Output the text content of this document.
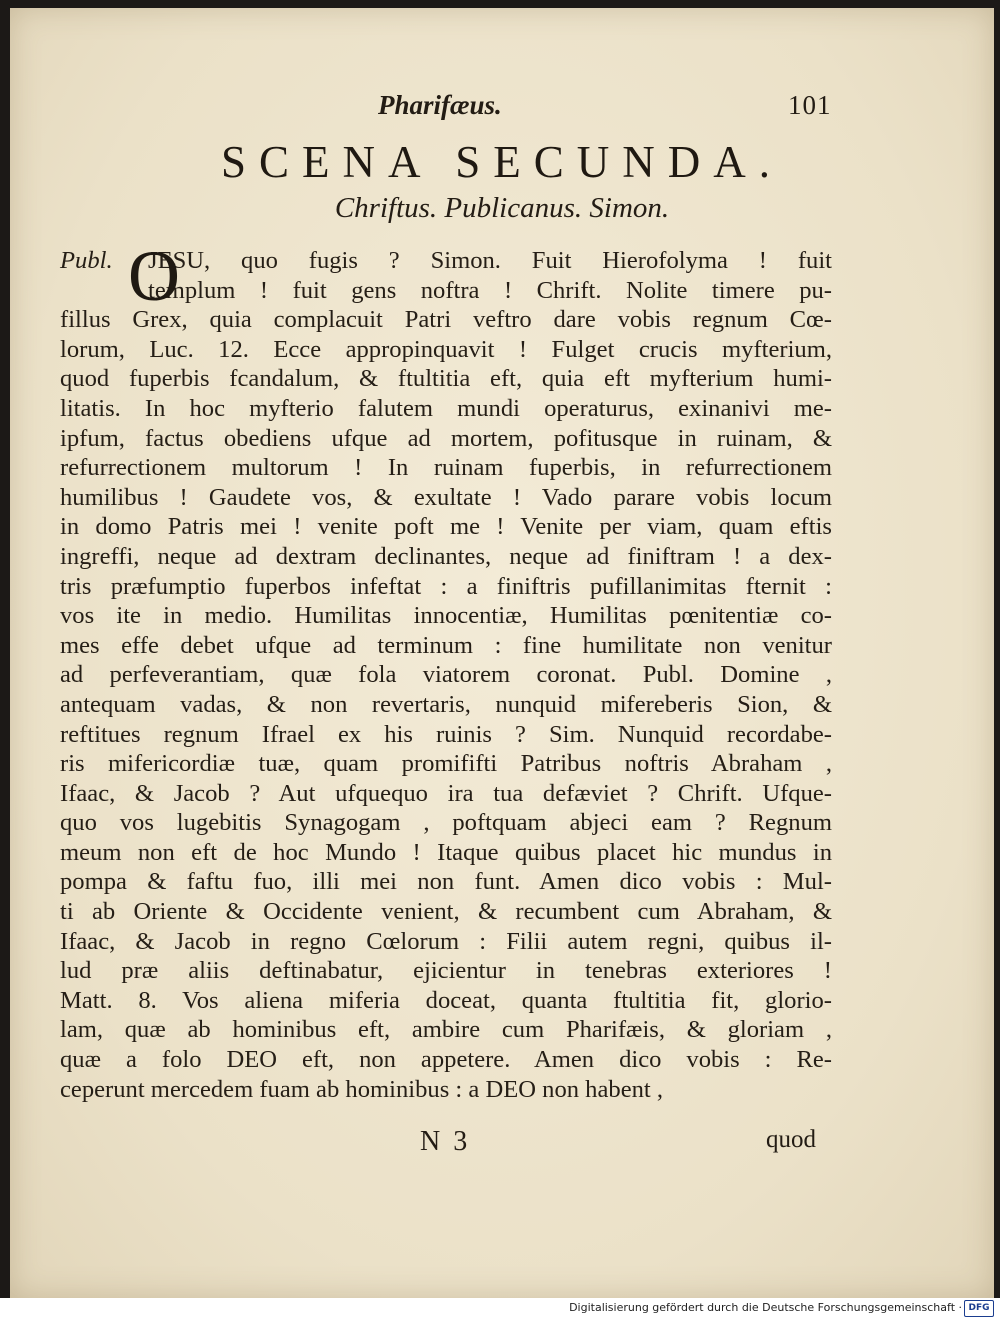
Pharifæus.	101
SCENA SECUNDA.
Chriftus. Publicanus. Simon.
O
Publ. JESU, quo fugis ? Simon. Fuit Hierofolyma ! fuit
templum ! fuit gens noftra ! Chrift. Nolite timere pu-
fillus Grex, quia complacuit Patri veftro dare vobis regnum Cœ-
lorum, Luc. 12. Ecce appropinquavit ! Fulget crucis myfterium,
quod fuperbis fcandalum, & ftultitia eft, quia eft myfterium humi-
litatis. In hoc myfterio falutem mundi operaturus, exinanivi me-
ipfum, factus obediens ufque ad mortem, pofitusque in ruinam, &
refurrectionem multorum ! In ruinam fuperbis, in refurrectionem
humilibus ! Gaudete vos, & exultate ! Vado parare vobis locum
in domo Patris mei ! venite poft me ! Venite per viam, quam eftis
ingreffi, neque ad dextram declinantes, neque ad finiftram ! a dex-
tris præfumptio fuperbos infeftat : a finiftris pufillanimitas fternit :
vos ite in medio. Humilitas innocentiæ, Humilitas pœnitentiæ co-
mes effe debet ufque ad terminum : fine humilitate non venitur
ad perfeverantiam, quæ fola viatorem coronat. Publ. Domine ,
antequam vadas, & non revertaris, nunquid mifereberis Sion, &
reftitues regnum Ifrael ex his ruinis ? Sim. Nunquid recordabe-
ris mifericordiæ tuæ, quam promififti Patribus noftris Abraham ,
Ifaac, & Jacob ? Aut ufquequo ira tua defæviet ? Chrift. Ufque-
quo vos lugebitis Synagogam , poftquam abjeci eam ? Regnum
meum non eft de hoc Mundo ! Itaque quibus placet hic mundus in
pompa & faftu fuo, illi mei non funt. Amen dico vobis : Mul-
ti ab Oriente & Occidente venient, & recumbent cum Abraham, &
Ifaac, & Jacob in regno Cœlorum : Filii autem regni, quibus il-
lud præ aliis deftinabatur, ejicientur in tenebras exteriores !
Matt. 8. Vos aliena miferia doceat, quanta ftultitia fit, glorio-
lam, quæ ab hominibus eft, ambire cum Pharifæis, & gloriam ,
quæ a folo DEO eft, non appetere. Amen dico vobis : Re-
ceperunt mercedem fuam ab hominibus : a DEO non habent ,
N 3	quod
Digitalisierung gefördert durch die Deutsche Forschungsgemeinschaft · DFG
